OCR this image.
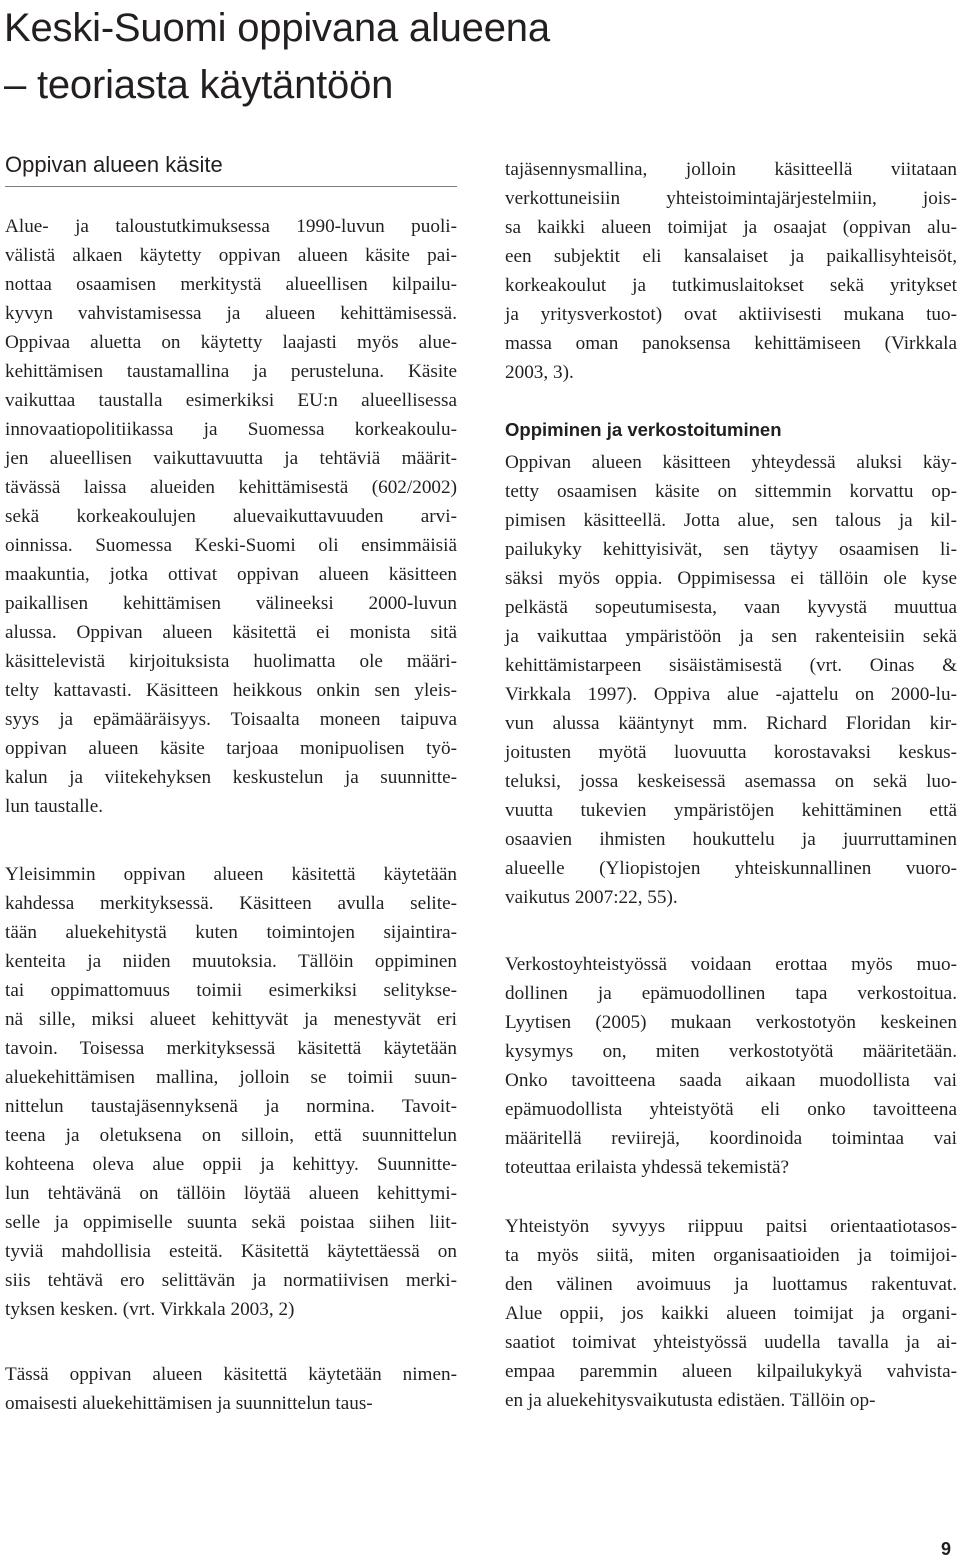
Keski-Suomi oppivana alueena
– teoriasta käytäntöön
Oppivan alueen käsite

Alue- ja taloustutkimuksessa 1990-luvun puoli-
välistä alkaen käytetty oppivan alueen käsite pai-
nottaa osaamisen merkitystä alueellisen kilpailu-
kyvyn vahvistamisessa ja alueen kehittämisessä.
Oppivaa aluetta on käytetty laajasti myös alue-
kehittämisen taustamallina ja perusteluna. Käsite
vaikuttaa taustalla esimerkiksi EU:n alueellisessa
innovaatiopolitiikassa ja Suomessa korkeakoulu-
jen alueellisen vaikuttavuutta ja tehtäviä määrit-
tävässä laissa alueiden kehittämisestä (602/2002)
sekä korkeakoulujen aluevaikuttavuuden arvi-
oinnissa. Suomessa Keski-Suomi oli ensimmäisiä
maakuntia, jotka ottivat oppivan alueen käsitteen
paikallisen kehittämisen välineeksi 2000-luvun
alussa. Oppivan alueen käsitettä ei monista sitä
käsittelevistä kirjoituksista huolimatta ole määri-
telty kattavasti. Käsitteen heikkous onkin sen yleis-
syys ja epämääräisyys. Toisaalta moneen taipuva
oppivan alueen käsite tarjoaa monipuolisen työ-
kalun ja viitekehyksen keskustelun ja suunnitte-
lun taustalle.

Yleisimmin oppivan alueen käsitettä käytetään
kahdessa merkityksessä. Käsitteen avulla selite-
tään aluekehitystä kuten toimintojen sijaintira-
kenteita ja niiden muutoksia. Tällöin oppiminen
tai oppimattomuus toimii esimerkiksi selitykse-
nä sille, miksi alueet kehittyvät ja menestyvät eri
tavoin. Toisessa merkityksessä käsitettä käytetään
aluekehittämisen mallina, jolloin se toimii suun-
nittelun taustajäsennyksenä ja normina. Tavoit-
teena ja oletuksena on silloin, että suunnittelun
kohteena oleva alue oppii ja kehittyy. Suunnitte-
lun tehtävänä on tällöin löytää alueen kehittymi-
selle ja oppimiselle suunta sekä poistaa siihen liit-
tyviä mahdollisia esteitä. Käsitettä käytettäessä on
siis tehtävä ero selittävän ja normatiivisen merki-
tyksen kesken. (vrt. Virkkala 2003, 2)

Tässä oppivan alueen käsitettä käytetään nimen-
omaisesti aluekehittämisen ja suunnittelun taus-

tajäsennysmallina, jolloin käsitteellä viitataan
verkottuneisiin yhteistoimintajärjestelmiin, jois-
sa kaikki alueen toimijat ja osaajat (oppivan alu-
een subjektit eli kansalaiset ja paikallisyhteisöt,
korkeakoulut ja tutkimuslaitokset sekä yritykset
ja yritysverkostot) ovat aktiivisesti mukana tuo-
massa oman panoksensa kehittämiseen (Virkkala
2003, 3).

Oppiminen ja verkostoituminen

Oppivan alueen käsitteen yhteydessä aluksi käy-
tetty osaamisen käsite on sittemmin korvattu op-
pimisen käsitteellä. Jotta alue, sen talous ja kil-
pailukyky kehittyisivät, sen täytyy osaamisen li-
säksi myös oppia. Oppimisessa ei tällöin ole kyse
pelkästä sopeutumisesta, vaan kyvystä muuttua
ja vaikuttaa ympäristöön ja sen rakenteisiin sekä
kehittämistarpeen sisäistämisestä (vrt. Oinas &
Virkkala 1997). Oppiva alue -ajattelu on 2000-lu-
vun alussa kääntynyt mm. Richard Floridan kir-
joitusten myötä luovuutta korostavaksi keskus-
teluksi, jossa keskeisessä asemassa on sekä luo-
vuutta tukevien ympäristöjen kehittäminen että
osaavien ihmisten houkuttelu ja juurruttaminen
alueelle (Yliopistojen yhteiskunnallinen vuoro-
vaikutus 2007:22, 55).

Verkostoyhteistyössä voidaan erottaa myös muo-
dollinen ja epämuodollinen tapa verkostoitua.
Lyytisen (2005) mukaan verkostotyön keskeinen
kysymys on, miten verkostotyötä määritetään.
Onko tavoitteena saada aikaan muodollista vai
epämuodollista yhteistyötä eli onko tavoitteena
määritellä reviirejä, koordinoida toimintaa vai
toteuttaa erilaista yhdessä tekemistä?

Yhteistyön syvyys riippuu paitsi orientaatiotasos-
ta myös siitä, miten organisaatioiden ja toimijoi-
den välinen avoimuus ja luottamus rakentuvat.
Alue oppii, jos kaikki alueen toimijat ja organi-
saatiot toimivat yhteistyössä uudella tavalla ja ai-
empaa paremmin alueen kilpailukykyä vahvista-
en ja aluekehitysvaikutusta edistäen. Tällöin op-

9
